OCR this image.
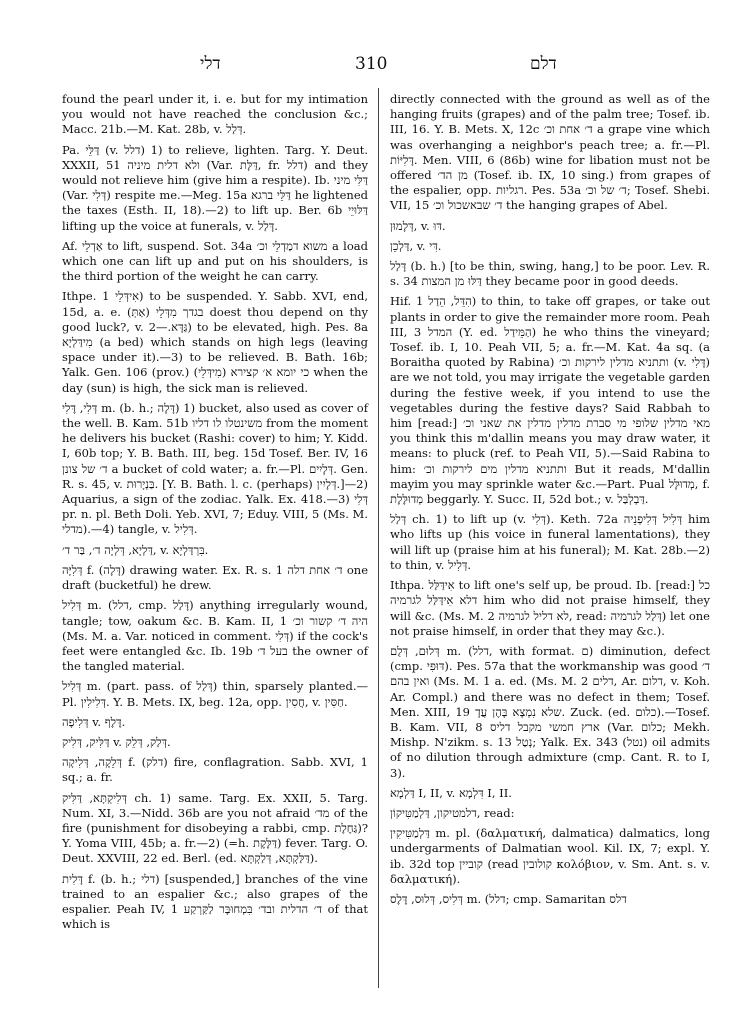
דלי	310	דלם

found the pearl under it, i. e. but for my intimation you would not have reached the conclusion &c.; Macc. 21b.—M. Kat. 28b, v. דְּלַל.

Pa. דַּלֵּי (v. דלל) 1) to relieve, lighten. Targ. Y. Deut. XXXII, 51 ולא דלית מיניה (Var. דַּלָּת, fr. דלל) and they would not relieve him (give him a respite). Ib. דַּלִּי מיני (Var. דְּלִי) respite me.—Meg. 15a דַּלֵּי ברגא he lightened the taxes (Esth. II, 18).—2) to lift up. Ber. 6b דַּלּוּיֵי lifting up the voice at funerals, v. דָּלַל.

Af. אַדְלֵי to lift, suspend. Sot. 34a משוא דמַדְלֵי וכ׳ a load which one can lift up and put on his shoulders, is the third portion of the weight he can carry.

Ithpe. אִידְּלֵי 1) to be suspended. Y. Sabb. XVI, end, 15d, a. e. (אַתְּ) בגדך מִדְּלֵי doest thou depend on thy good luck?, v. גַּדָּא.—2) to be elevated, high. Pes. 8a מִידַּלְיָא (a bed) which stands on high legs (leaving space under it).—3) to be relieved. B. Bath. 16b; Yalk. Gen. 106 (prov.) (מִידְּלֵי) כי יומא א׳ קצירא when the day (sun) is high, the sick man is relieved.

דְּלִי, דֶּלִי m. (b. h.; דָּלָה) 1) bucket, also used as cover of the well. B. Kam. 51b משינטלו לו דליו from the moment he delivers his bucket (Rashi: cover) to him; Y. Kidd. I, 60b top; Y. B. Bath. III, beg. 15d Tosef. Ber. IV, 16 ד׳ של צונן a bucket of cold water; a. fr.—Pl. דְּלָיִים. Gen. R. s. 45, v. בַּנְיָרוּת. [Y. B. Bath. l. c. (perhaps) דְּלָיִין.]—2) Aquarius, a sign of the zodiac. Yalk. Ex. 418.—3) דְּלִי pr. n. pl. Beth Doli. Yeb. XVI, 7; Eduy. VIII, 5 (Ms. M. מדלי).—4) tangle, v. דְּלִיל.

דַּלְיָא, דְּלְיָה ד׳, בַּר ד׳, v. בִּרְדַּלְיָא.

דְּלִיָּה f. (דָּלָה) drawing water. Ex. R. s. 1 ד׳ אחת דלה one draft (bucketful) he drew.

דְּלִיל m. (דלל, cmp. דָּלַל) anything irregularly wound, tangle; tow, oakum &c. B. Kam. II, 1 היה ד׳ קשור וכ׳ (Ms. M. a. Var. noticed in comment. דְּלִי) if the cock's feet were entangled &c. Ib. 19b בעל ד׳ the owner of the tangled material.

דְּלִיל m. (part. pass. of דְּלַל) thin, sparsely planted.—Pl. דְּלִילִין. Y. B. Mets. IX, beg. 12a, opp. חֲסִין, v. חַסִּין.

דְּלִיפָה v. דֶּלֶף.

דַּלִּיק, דְּלִיק v. דְּלַק, דְּלֵק.

דְּלֵקָה, דְּלִיקָה f. (דלק) fire, conflagration. Sabb. XVI, 1 sq.; a. fr.

דְּלִיקְתָּא, דַּלִּיק ch. 1) same. Targ. Ex. XXII, 5. Targ. Num. XI, 3.—Nidd. 36b are you not afraid מד׳ of the fire (punishment for disobeying a rabbi, cmp. גַּחֶלֶת)? Y. Yoma VIII, 45b; a. fr.—2) (=h. דַּלֶּקֶת) fever. Targ. O. Deut. XXVIII, 22 ed. Berl. (ed. דַּלַּקְתָּא, דְּלַקְתָּא).

דָּלִית f. (b. h.; דלי) [suspended,] branches of the vine trained to an espalier &c.; also grapes of the espalier. Peah IV, 1 ד׳ הדלית ובד׳ בִּמְחוּבָּר לַקַּרְקַע of that which is

directly connected with the ground as well as of the hanging fruits (grapes) and of the palm tree; Tosef. ib. III, 16. Y. B. Mets. X, 12c ד׳ אחת וכ׳ a grape vine which was overhanging a neighbor's peach tree; a. fr.—Pl. דָּלִיּוֹת. Men. VIII, 6 (86b) wine for libation must not be offered מן הד׳ (Tosef. ib. IX, 10 sing.) from grapes of the espalier, opp. רגליות. Pes. 53a ד׳ של וכ׳; Tosef. Shebi. VII, 15 ד׳ שבאשכול וכ׳ the hanging grapes of Abel.

דְּלָמוּן, v. דּוּ.

דַּלְכֵן, v. דִּי.

דָּלַל (b. h.) [to be thin, swing, hang,] to be poor. Lev. R. s. 34 דַּלּוּ מן המצות they became poor in good deeds.

Hif. הִדֵּל, הֵדַל 1) to thin, to take off grapes, or take out plants in order to give the remainder more room. Peah III, 3 המדל (Y. ed. הַמֵּידַל) he who thins the vineyard; Tosef. ib. I, 10. Peah VII, 5; a. fr.—M. Kat. 4a sq. (a Boraitha quoted by Rabina) ותתניא מדלין לירקות וכ׳ (v. דָּלִי) are we not told, you may irrigate the vegetable garden during the festive week, if you intend to use the vegetables during the festive days? Said Rabbah to him [read:] מאי מדלין שלופי מי סברת מדלין מדלין את שאני וכ׳ you think this m'dallin means you may draw water, it means: to pluck (ref. to Peah VII, 5).—Said Rabina to him: ותתניא מדלין מים לירקות וכ׳ But it reads, M'dallin mayim you may sprinkle water &c.—Part. Pual מְדוּלָּל, f. מְדוּלֶּלֶת beggarly. Y. Succ. II, 52d bot.; v. דַּבְלְבַּל.

דְּלַל ch. 1) to lift up (v. דְּלִי). Keth. 72a דְּלִיל דְּלִיפְנֵיה him who lifts up (his voice in funeral lamentations), they will lift up (praise him at his funeral); M. Kat. 28b.—2) to thin, v. דְּלִיל.

Ithpa. אִידַּלַּל to lift one's self up, be proud. Ib. [read:] כל דלא אִידַּלַּל לגרמיה him who did not praise himself, they will &c. (Ms. M. 2 לא דליל לגרמיה, read: דְּלַל לגרמיה) let one not praise himself, in order that they may &c.).

דְּלוּם, דְּלֻם m. (דלל, with format. ם) diminution, defect (cmp. דּוּפִי). Pes. 57a that the workmanship was good ד׳ ואין בהם (Ms. M. 1 a. ed. (Ms. M. 2 דלים, Ar. דלום, v. Koh. Ar. Compl.) and there was no defect in them; Tosef. Men. XIII, 19 שלא נִמְצָא בָּהֶן עֲדָ. Zuck. (ed. כלום).—Tosef. B. Kam. VII, 8 ארץ חמשי מקבל דליס (Var. כלום; Mekh. Mishp. N'zikm. s. 13 נְטַל; Yalk. Ex. 343 (נטל) oil admits of no dilution through admixture (cmp. Cant. R. to I, 3).

דַּלְמָא I, II, v. דִּלְמָא I, II.

דלמטיקון, דַּלְמַטִּיקוֹן, read:

דַּלְמַטִּיקִין m. pl. (δαλματική, dalmatica) dalmatics, long undergarments of Dalmatian wool. Kil. IX, 7; expl. Y. ib. 32d top קוביין (read קולובין κολόβιον, v. Sm. Ant. s. v. δαλματική).

דְּלִיס, דְּלוּס, דֶּלֶס m. (דלל; cmp. Samaritan דלס
